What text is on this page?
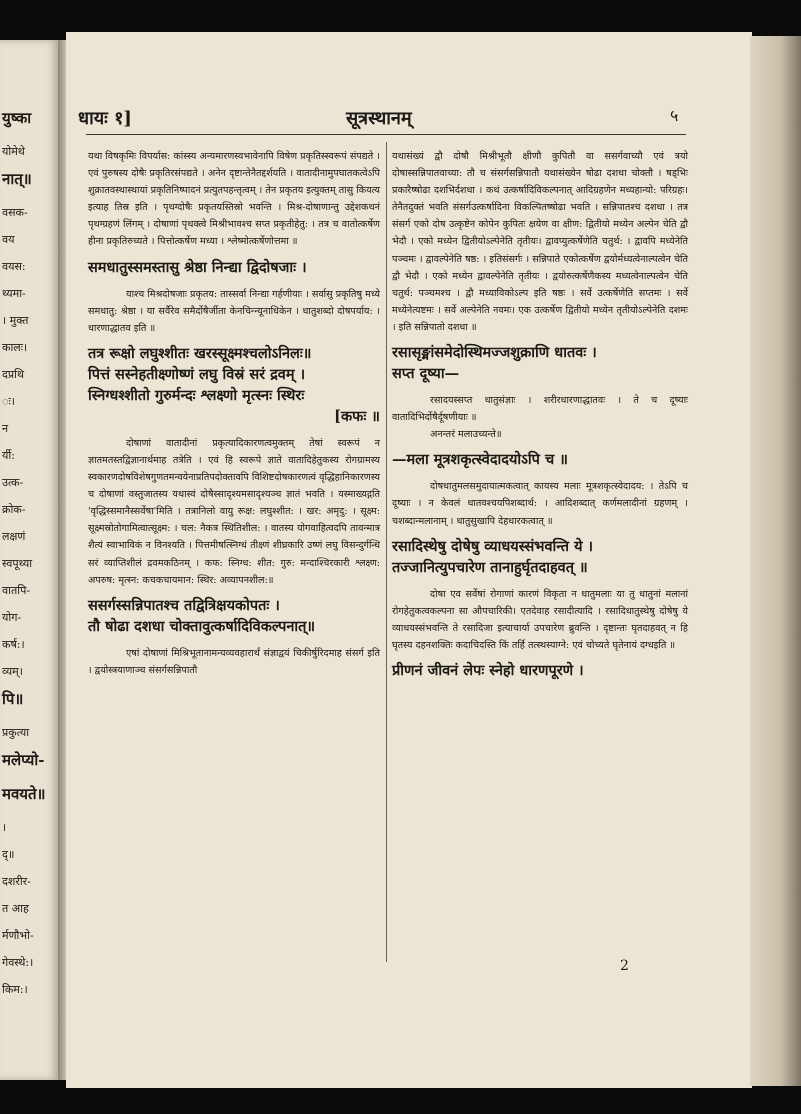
युष्का
योमेथे
नात्॥
वसक-
वय
वयस:
थ्यमा-
। मुक्त
कालः।
दप्रथि
ः।
न
र्यी:
उत्क-
क्रोक-
लक्षणं
स्वपूथ्या
वातपि-
योग-
कर्ष:।
व्यम्।
पि॥
प्रकुत्या
मलेप्यो-
मवयते॥
।
द्॥
दशरीर-
त आह
र्मणौभो-
गेवस्थे:।
किम:।
धायः १]	सूत्रस्थानम्	५

यथा विषकृमिः विपर्यास: कांस्स्य अन्यमारणस्वभावेनापि विषेण प्रकृतिस्स्वरूपं संपद्यते । एवं पुरुषस्य दोषैः प्रकृतिरसंपद्यते । अनेन दृष्टान्तेनैतद्दर्शयति । वातादीनामुपघातकत्वेऽपि शुक्रातवस्थास्थायां प्रकृतिनिष्पादनं प्रत्युतपहन्तृत्वम् । तेन प्रकृतय इत्युक्तम् तासु कियत्य इत्याह तिस्र इति । पृथग्दोषैः प्रकृतयस्तिस्रो भवन्ति । मिश्र-दोषाणान्तु उद्देशकथनं पृथग्ग्रहणं लिंगम् । दोषाणां पृथक्त्वे मिश्रीभावश्च सप्त प्रकृतीहेतु: । तत्र च वातोत्कर्षेण हीना प्रकृतिरुच्यते । पित्तोत्कर्षेण मध्या । श्लेष्मोत्कर्षेणोत्तमा ॥

समधातुस्समस्तासु श्रेष्ठा निन्द्या द्विदोषजाः ।

याश्च मिश्रदोषजाः प्रकृतय: तास्सर्वा निन्द्या गर्हणीयाः । सर्वासु प्रकृतिषु मध्ये समधातु: श्रेष्ठा । या सर्वैरेव समैर्दोषैर्जीता केनचिन्न्यूनाधिकेन । धातुशब्दो दोषपर्याय: । धारणाद्धातव इति ॥

तत्र रूक्षो लघुश्शीतः खरस्सूक्ष्मश्चलोऽनिलः॥
पित्तं सस्नेहतीक्ष्णोष्णं लघु विस्रं सरं द्रवम् ।
स्निग्धश्शीतो गुरुर्मन्दः श्लक्ष्णो मृत्स्नः स्थिरः
[कफः ॥

दोषाणां वातादीनां प्रकृत्यादिकारणत्वमुक्तम् तेषां स्वरूपं न ज्ञातमतस्तद्विज्ञानार्थमाह तत्रेति । एवं हि स्वरूपे ज्ञाते वातादिहेतुकस्य रोगग्रामस्य स्वकारणदोषविशेषगुणतमन्वयेनाप्रतिपदोक्तावपि विशिष्टदोषकारणत्वं वृद्धिहानिकारणस्य च दोषाणां वस्तुजातस्य यथास्वं दोषैस्सादृश्यमसादृश्यञ्च ज्ञातं भवति । यस्माख्यद्गति 'वृद्धिस्समानैस्सर्वेषा'मिति । तत्रानिलो वायु रूक्ष: लघुश्शीत: । खर: अमृदु: । सूक्ष्म: सूक्ष्मस्रोतोगामित्वात्सूक्ष्म: । चल: नैकत्र स्थितिशील: । वातस्य योगवाहित्वदपि तावन्मात्र शैत्यं स्वाभाविकं न विनश्यति । पित्तमीषत्स्निग्धं तीक्ष्णं शीघ्रकारि उष्णं लघु विसन्दुर्गन्धि सरं व्याप्तिशीलं द्रवमकठिनम् । कफ: स्निग्ध: शीत: गुरु: मन्दाश्चिरकारी श्लक्ष्ण: अपरुष: मृत्स्न: कचकचायमान: स्थिर: अव्यापनशील:॥

ससर्गस्सन्निपातश्च तद्वित्रिक्षयकोपतः ।
तौ षोढा दशधा चोक्तावुत्कर्षादिविकल्पनात्॥

एषां दोषाणां मिश्रिभूतानामन्यव्यवहारार्थं संज्ञाद्वयं चिकीर्षुरिदमाह संसर्ग इति । द्वयोस्त्रयाणाञ्च संसर्गसन्निपातौ

यथासंख्यं द्वौ दोषौ मिश्रीभूतौ क्षीणौ कुपितौ वा ससर्गवाच्यौ एवं त्रयो दोषास्सन्निपातवाच्या: तौ च संसर्गसन्निपातौ यथासंख्येन षोढा दशधा चोक्तौ । षड्भिः प्रकारैष्षोढा दशभिर्दशधा । कथं उत्कर्षादिविकल्पनात् आदिग्रहणेन मध्यहान्यो: परिग्रहः। तेनैतदुक्तं भवति संसर्गउत्कर्षादिना विकल्पितष्षोढा भवति । सन्निपातश्च दशधा । तत्र संसर्ग एको दोष उत्कृष्टेन कोपेन कुपितः क्षयेण वा क्षीण: द्वितीयो मध्येन अल्पेन चेति द्वौ भेदौ । एको मध्येन द्वितीयोऽल्पेनेति तृतीयः। द्वावप्युत्कर्षेणेति चतुर्थ: । द्वावपि मध्येनेति पञ्चमः । द्वावल्पेनेति षष्ठ: । इतिसंसर्गः । सन्निपाते एकोत्कर्षेण द्वयोर्मध्यत्वेनाल्पत्वेन चेति द्वौ भेदौ । एको मध्येन द्वावल्पेनेति तृतीयः । द्वयोरुत्कर्षेणैकस्य मध्यत्वेनाल्पत्वेन चेति चतुर्थ: पञ्चमश्च । द्वौ मध्याविकोऽल्प इति षष्ठः । सर्वे उत्कर्षेणेति सप्तमः । सर्वे मध्येनेत्यष्टमः । सर्वे अल्पेनेति नवमः। एक उत्कर्षेण द्वितीयो मध्येन तृतीयोऽल्पेनेति दशमः । इति सन्निपातो दशधा ॥

रसासृङ्मांसमेदोस्थिमज्जशुक्राणि धातवः ।
सप्त दूष्या—

रसादयस्सप्त धातुसंज्ञाः । शरीरधारणाद्धातवः । ते च दूष्याः वातादिभिर्दोषैर्दूषणीयाः ॥

अनन्तरं मलाउच्यन्ते॥

—मला मूत्रशकृत्स्वेदादयोऽपि च ॥

दोषधातुमलसमुदायात्मकत्वात् कायस्य मलाः मूत्रशकृत्स्वेदादय: । तेऽपि च दूष्याः । न केवलं धातवश्चयपिशब्दार्थ: । आदिशब्दात् कर्णमलादीनां ग्रहणम् । चशब्दान्मलानाम् । धातुसुखापि देहधारकत्वात् ॥

रसादिस्थेषु दोषेषु व्याधयस्संभवन्ति ये ।
तज्जानित्युपचारेण तानाहुर्घृतदाहवत् ॥

दोषा एव सर्वेषां रोगाणां कारणं विकृता न धातुमलाः या तु धातुनां मलानां रोगहेतुकत्वकल्पना सा औपचारिकी। एतदेवाह रसादीत्यादि । रसादिधातुस्थेषु दोषेषु ये व्याधयस्संभवन्ति ते रसादिजा इत्याचार्या उपचारेण ब्रुवन्ति । दृष्टान्तः घृतदाहवत् न हि घृतस्य दहनशक्तिः कदाचिदस्ति किं तर्हि तत्स्थस्याग्ने: एवं चोच्यते घृतेनायं दग्धइति ॥

प्रीणनं जीवनं लेपः स्नेहो धारणपूरणे ।
2
